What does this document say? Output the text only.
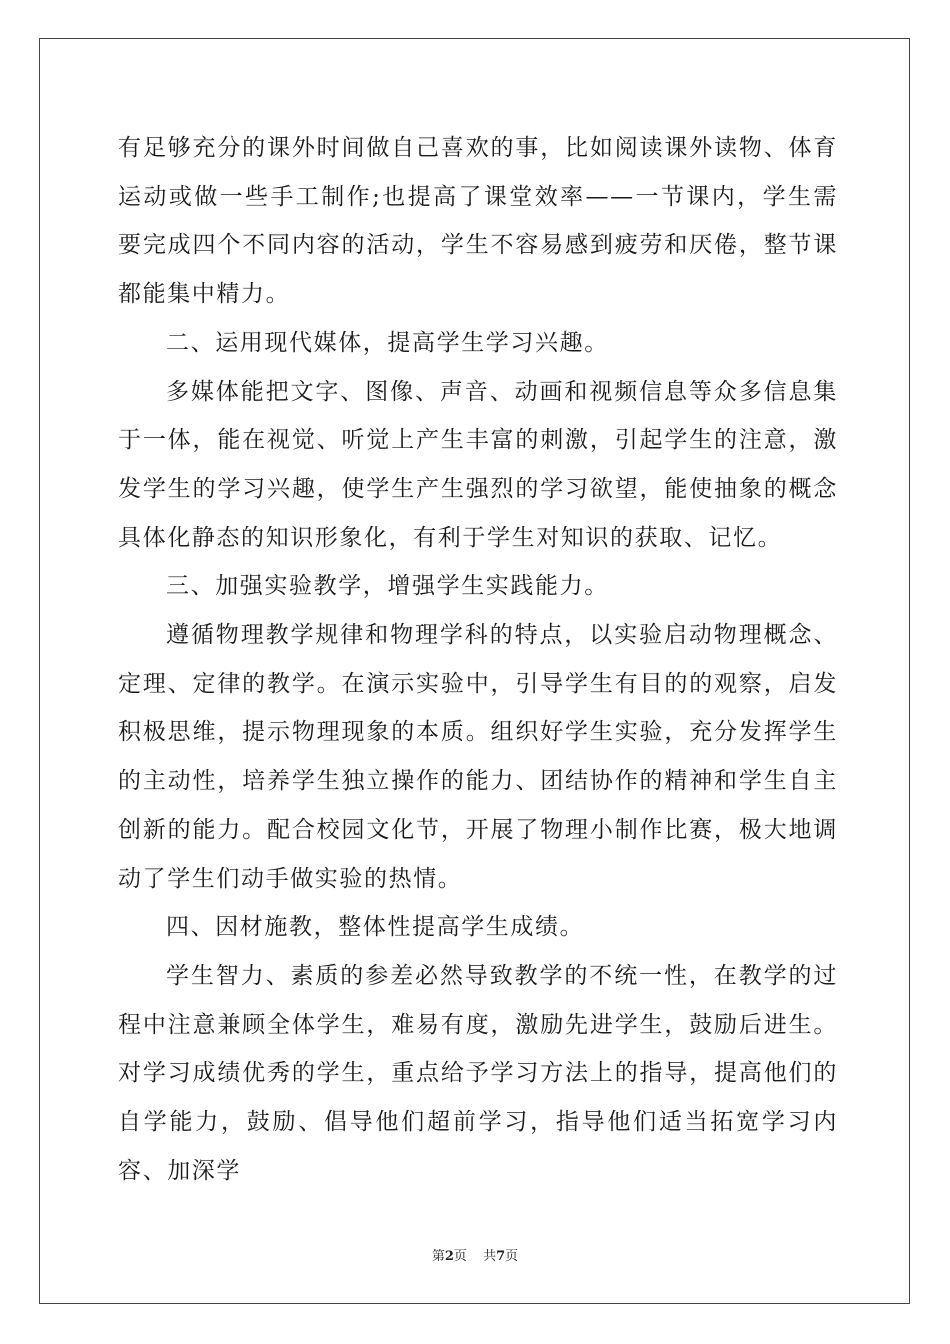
有足够充分的课外时间做自己喜欢的事，比如阅读课外读物、体育运动或做一些手工制作;也提高了课堂效率——一节课内，学生需要完成四个不同内容的活动，学生不容易感到疲劳和厌倦，整节课都能集中精力。

二、运用现代媒体，提高学生学习兴趣。

多媒体能把文字、图像、声音、动画和视频信息等众多信息集于一体，能在视觉、听觉上产生丰富的刺激，引起学生的注意，激发学生的学习兴趣，使学生产生强烈的学习欲望，能使抽象的概念具体化静态的知识形象化，有利于学生对知识的获取、记忆。

三、加强实验教学，增强学生实践能力。

遵循物理教学规律和物理学科的特点，以实验启动物理概念、定理、定律的教学。在演示实验中，引导学生有目的的观察，启发积极思维，提示物理现象的本质。组织好学生实验，充分发挥学生的主动性，培养学生独立操作的能力、团结协作的精神和学生自主创新的能力。配合校园文化节，开展了物理小制作比赛，极大地调动了学生们动手做实验的热情。

四、因材施教，整体性提高学生成绩。

学生智力、素质的参差必然导致教学的不统一性，在教学的过程中注意兼顾全体学生，难易有度，激励先进学生，鼓励后进生。对学习成绩优秀的学生，重点给予学习方法上的指导，提高他们的自学能力，鼓励、倡导他们超前学习，指导他们适当拓宽学习内容、加深学

第2页 共7页
